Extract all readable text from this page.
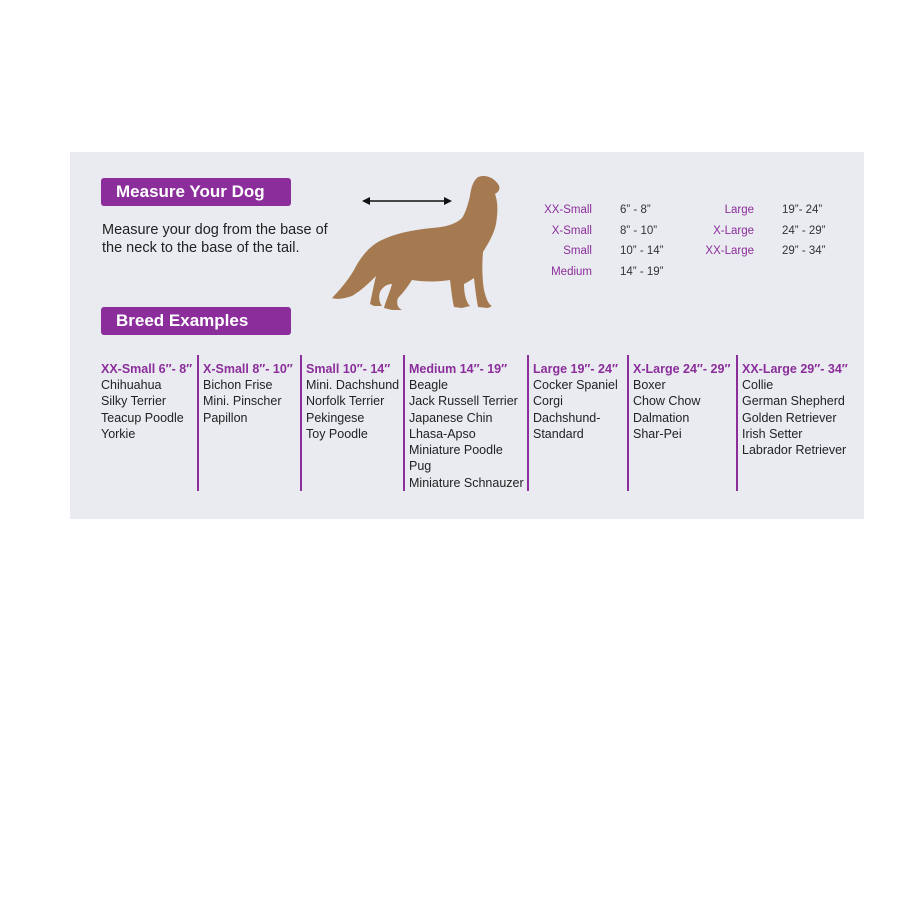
Measure Your Dog
Measure your dog from the base of the neck to the base of the tail.
XX-Small 6” - 8”
X-Small 8” - 10”
Small 10” - 14”
Medium 14” - 19”
Large 19”- 24”
X-Large 24” - 29”
XX-Large 29” - 34”
Breed Examples
XX-Small 6″- 8″
Chihuahua
Silky Terrier
Teacup Poodle
Yorkie
X-Small 8″- 10″
Bichon Frise
Mini. Pinscher
Papillon
Small 10″- 14″
Mini. Dachshund
Norfolk Terrier
Pekingese
Toy Poodle
Medium 14″- 19″
Beagle
Jack Russell Terrier
Japanese Chin
Lhasa-Apso
Miniature Poodle
Pug
Miniature Schnauzer
Large 19″- 24″
Cocker Spaniel
Corgi
Dachshund-
Standard
X-Large 24″- 29″
Boxer
Chow Chow
Dalmation
Shar-Pei
XX-Large 29″- 34″
Collie
German Shepherd
Golden Retriever
Irish Setter
Labrador Retriever
